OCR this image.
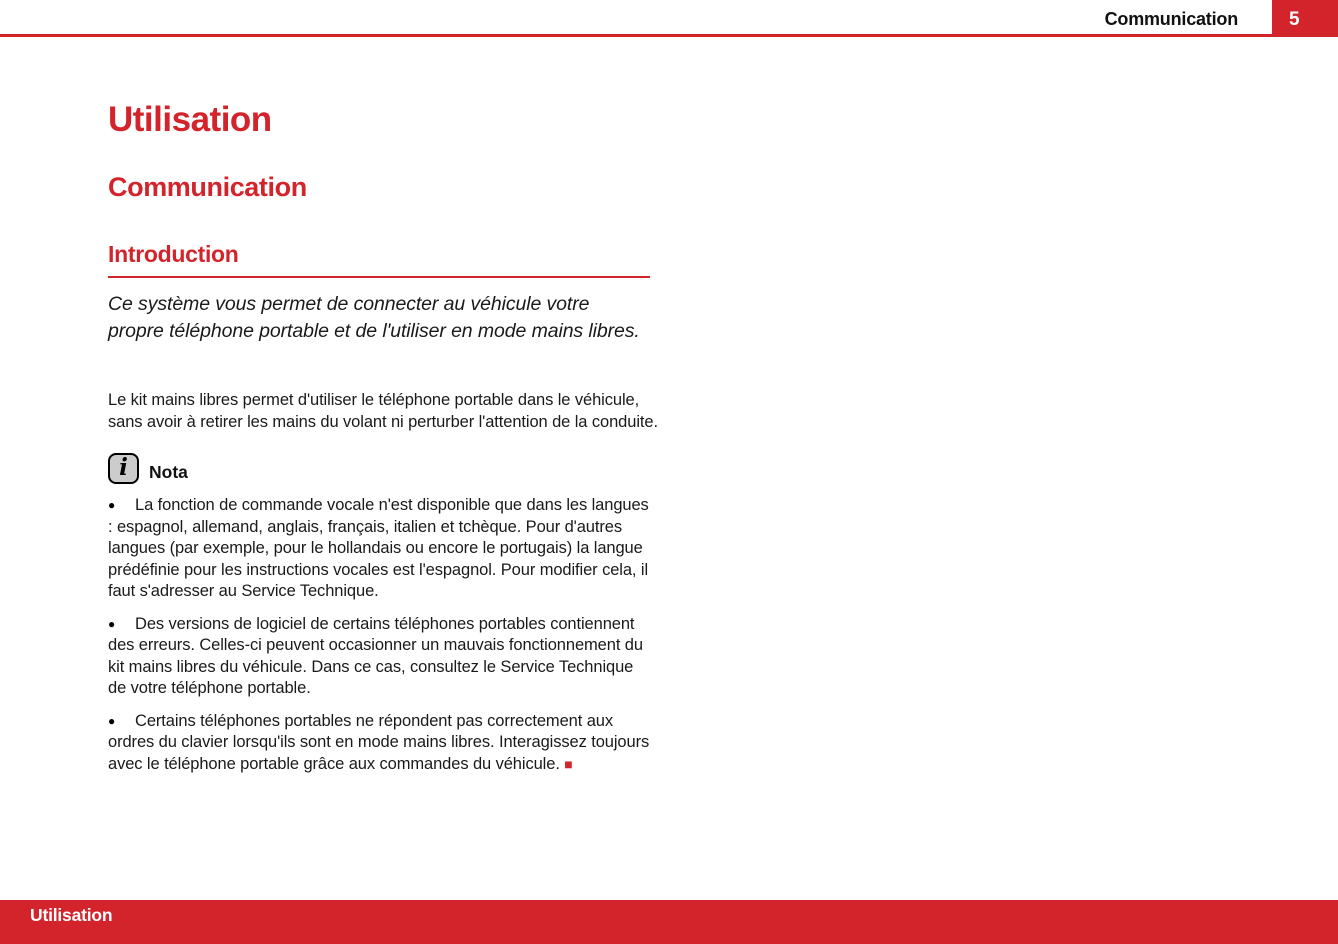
Communication	5
Utilisation
Communication
Introduction

Ce système vous permet de connecter au véhicule votre propre téléphone portable et de l'utiliser en mode mains libres.

Le kit mains libres permet d'utiliser le téléphone portable dans le véhicule, sans avoir à retirer les mains du volant ni perturber l'attention de la conduite.

i Nota

● La fonction de commande vocale n'est disponible que dans les langues : espagnol, allemand, anglais, français, italien et tchèque. Pour d'autres langues (par exemple, pour le hollandais ou encore le portugais) la langue prédéfinie pour les instructions vocales est l'espagnol. Pour modifier cela, il faut s'adresser au Service Technique.

● Des versions de logiciel de certains téléphones portables contiennent des erreurs. Celles-ci peuvent occasionner un mauvais fonctionnement du kit mains libres du véhicule. Dans ce cas, consultez le Service Technique de votre téléphone portable.

● Certains téléphones portables ne répondent pas correctement aux ordres du clavier lorsqu'ils sont en mode mains libres. Interagissez toujours avec le téléphone portable grâce aux commandes du véhicule. ■

Utilisation
